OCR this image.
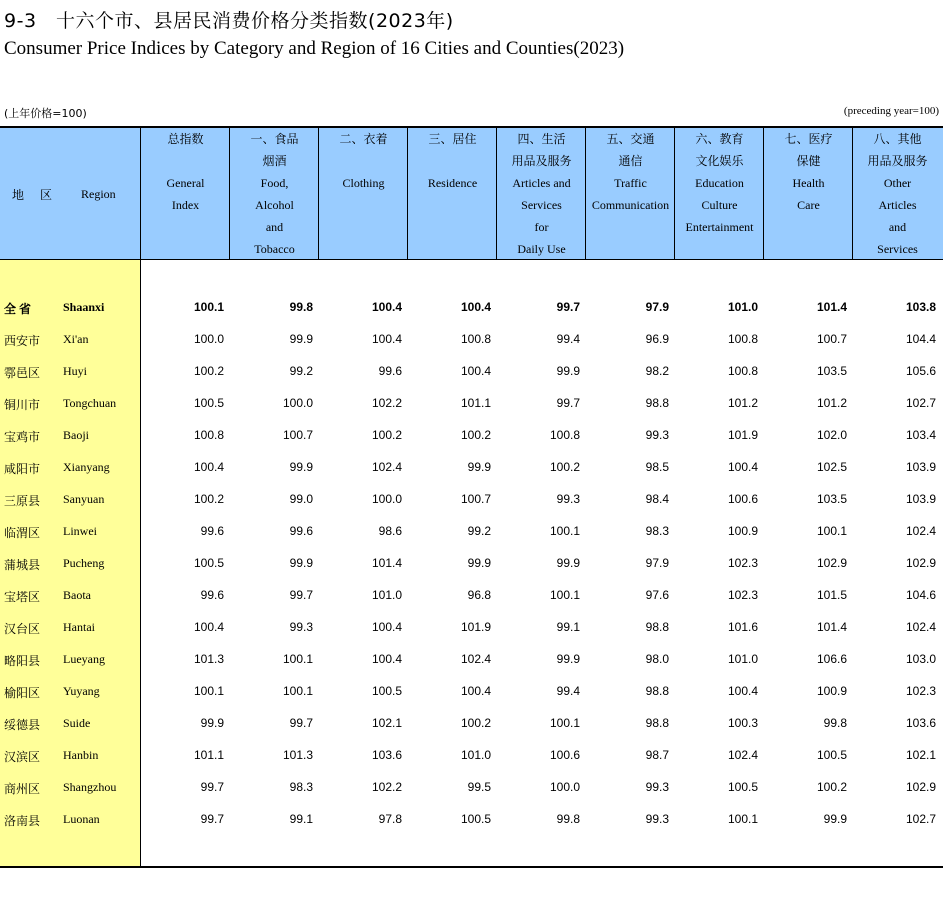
9-3　十六个市、县居民消费价格分类指数(2023年)
Consumer Price Indices by Category and Region of 16 Cities and Counties(2023)
(上年价格=100)	(preceding year=100)
地　区 Region
总指数
General
Index
一、食品
烟酒
Food,
Alcohol
and
Tobacco
二、衣着
Clothing
三、居住
Residence
四、生活
用品及服务
Articles and
Services
for
Daily Use
五、交通
通信
Traffic
Communication
六、教育
文化娱乐
Education
Culture
Entertainment
七、医疗
保健
Health
Care
八、其他
用品及服务
Other
Articles
and
Services
全省 Shaanxi	100.1	99.8	100.4	100.4	99.7	97.9	101.0	101.4	103.8
西安市 Xi'an	100.0	99.9	100.4	100.8	99.4	96.9	100.8	100.7	104.4
鄠邑区 Huyi	100.2	99.2	99.6	100.4	99.9	98.2	100.8	103.5	105.6
铜川市 Tongchuan	100.5	100.0	102.2	101.1	99.7	98.8	101.2	101.2	102.7
宝鸡市 Baoji	100.8	100.7	100.2	100.2	100.8	99.3	101.9	102.0	103.4
咸阳市 Xianyang	100.4	99.9	102.4	99.9	100.2	98.5	100.4	102.5	103.9
三原县 Sanyuan	100.2	99.0	100.0	100.7	99.3	98.4	100.6	103.5	103.9
临渭区 Linwei	99.6	99.6	98.6	99.2	100.1	98.3	100.9	100.1	102.4
蒲城县 Pucheng	100.5	99.9	101.4	99.9	99.9	97.9	102.3	102.9	102.9
宝塔区 Baota	99.6	99.7	101.0	96.8	100.1	97.6	102.3	101.5	104.6
汉台区 Hantai	100.4	99.3	100.4	101.9	99.1	98.8	101.6	101.4	102.4
略阳县 Lueyang	101.3	100.1	100.4	102.4	99.9	98.0	101.0	106.6	103.0
榆阳区 Yuyang	100.1	100.1	100.5	100.4	99.4	98.8	100.4	100.9	102.3
绥德县 Suide	99.9	99.7	102.1	100.2	100.1	98.8	100.3	99.8	103.6
汉滨区 Hanbin	101.1	101.3	103.6	101.0	100.6	98.7	102.4	100.5	102.1
商州区 Shangzhou	99.7	98.3	102.2	99.5	100.0	99.3	100.5	100.2	102.9
洛南县 Luonan	99.7	99.1	97.8	100.5	99.8	99.3	100.1	99.9	102.7
